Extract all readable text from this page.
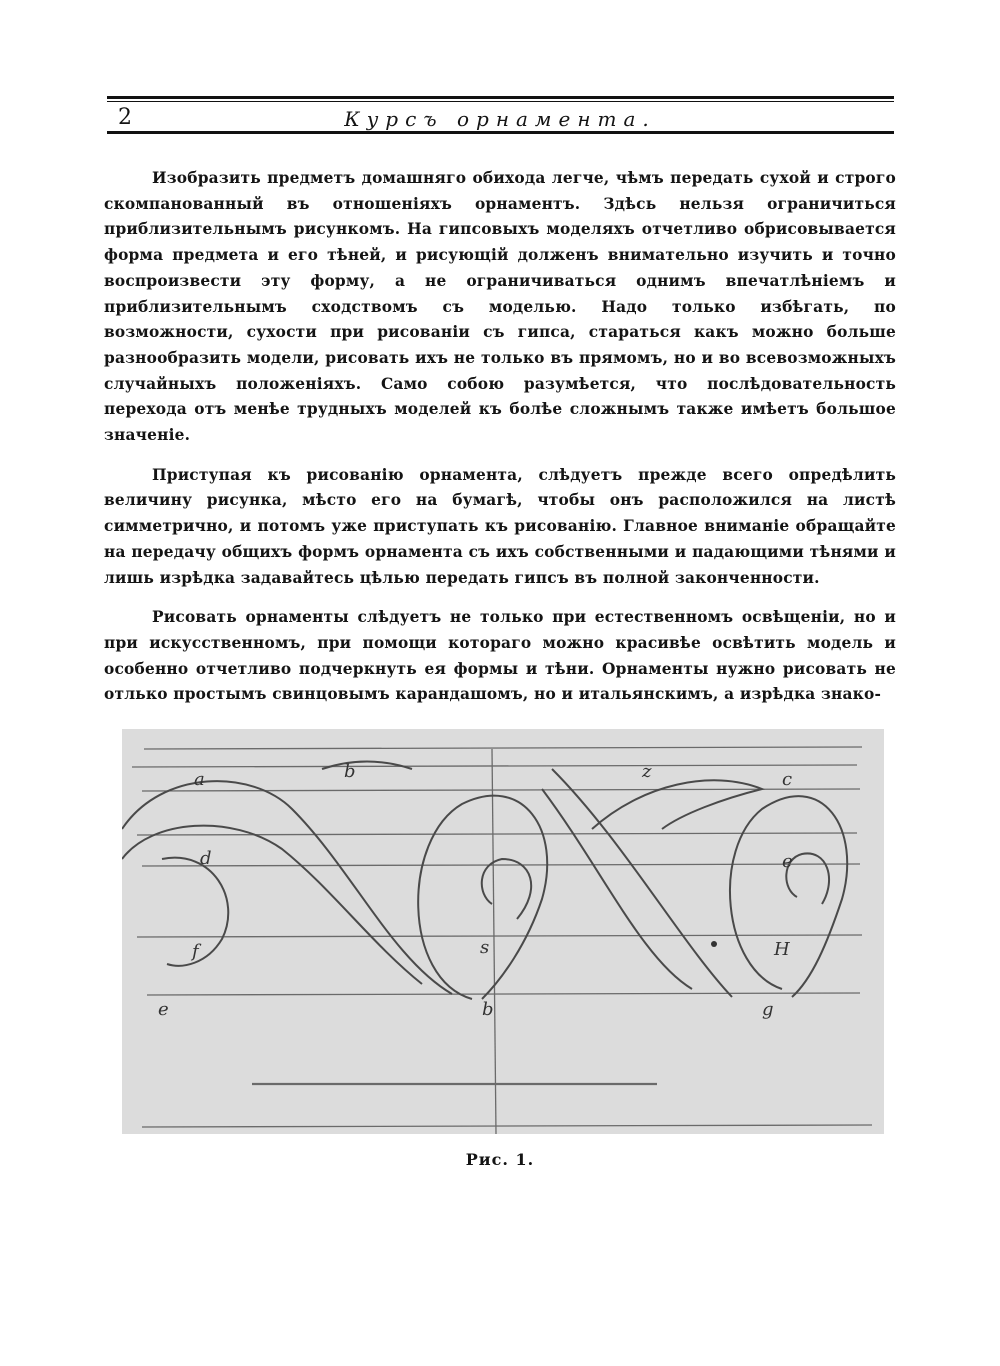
2	Курсъ орнамента.

Изобразить предметъ домашняго обихода легче, чѣмъ передать сухой и строго скомпанованный въ отношеніяхъ орнаментъ. Здѣсь нельзя ограничиться приблизительнымъ рисункомъ. На гипсовыхъ моделяхъ отчетливо обрисовывается форма предмета и его тѣней, и рисующій долженъ внимательно изучить и точно воспроизвести эту форму, а не ограничиваться однимъ впечатлѣніемъ и приблизительнымъ сходствомъ съ моделью. Надо только избѣгать, по возможности, сухости при рисованіи съ гипса, стараться какъ можно больше разнообразить модели, рисовать ихъ не только въ прямомъ, но и во всевозможныхъ случайныхъ положеніяхъ. Само собою разумѣется, что послѣдовательность перехода отъ менѣе трудныхъ моделей къ болѣе сложнымъ также имѣетъ большое значеніе.

Приступая къ рисованію орнамента, слѣдуетъ прежде всего опредѣлить величину рисунка, мѣсто его на бумагѣ, чтобы онъ расположился на листѣ симметрично, и потомъ уже приступать къ рисованію. Главное вниманіе обращайте на передачу общихъ формъ орнамента съ ихъ собственными и падающими тѣнями и лишь изрѣдка задавайтесь цѣлью передать гипсъ въ полной законченности.

Рисовать орнаменты слѣдуетъ не только при естественномъ освѣщеніи, но и при искусственномъ, при помощи котораго можно красивѣе освѣтить модель и особенно отчетливо подчеркнуть ея формы и тѣни. Орнаменты нужно рисовать не отлько простымъ свинцовымъ карандашомъ, но и итальянскимъ, а изрѣдка знако-

a	b	z	c
d	e
f	s	H
e	b	g
Рис. 1.
